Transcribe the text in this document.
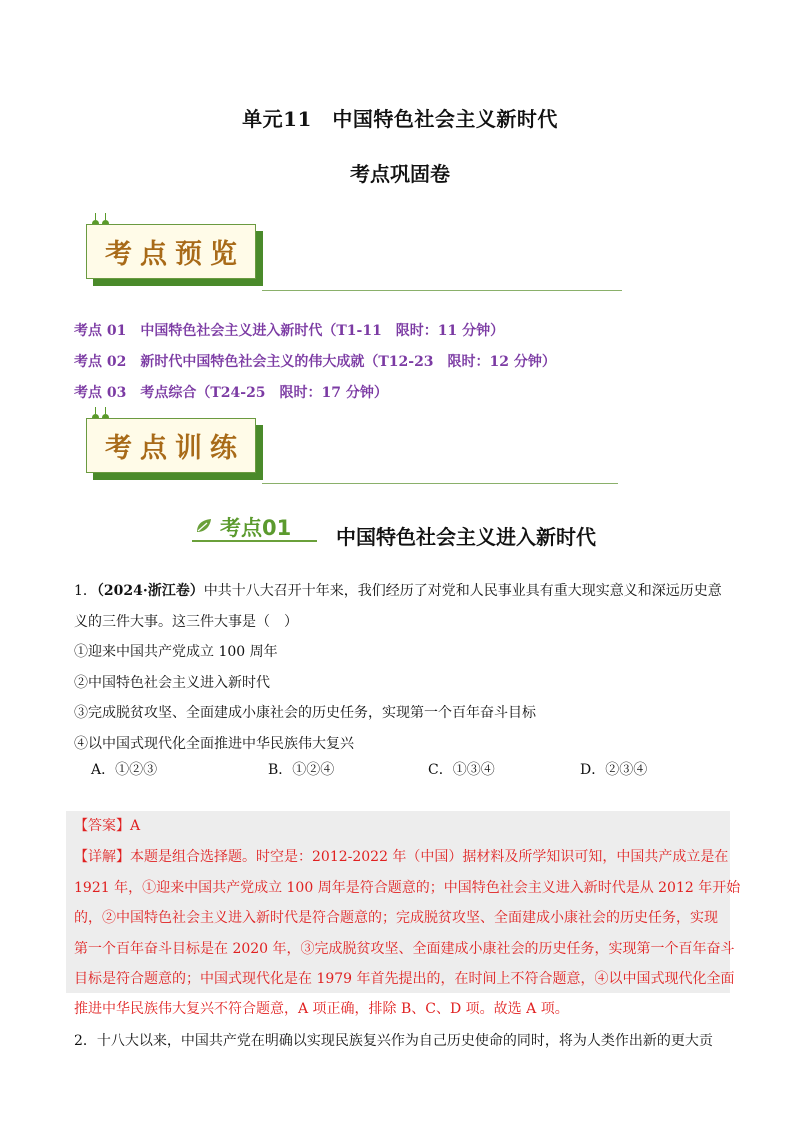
单元11　中国特色社会主义新时代
考点巩固卷
考点预览
考点 01　中国特色社会主义进入新时代（T1-11　限时：11 分钟）
考点 02　新时代中国特色社会主义的伟大成就（T12-23　限时：12 分钟）
考点 03　考点综合（T24-25　限时：17 分钟）
考点训练
考点01 中国特色社会主义进入新时代
1．（2024·浙江卷）中共十八大召开十年来，我们经历了对党和人民事业具有重大现实意义和深远历史意
义的三件大事。这三件大事是（　）
①迎来中国共产党成立 100 周年
②中国特色社会主义进入新时代
③完成脱贫攻坚、全面建成小康社会的历史任务，实现第一个百年奋斗目标
④以中国式现代化全面推进中华民族伟大复兴
A．①②③	B．①②④	C．①③④	D．②③④
【答案】A
【详解】本题是组合选择题。时空是：2012-2022 年（中国）据材料及所学知识可知，中国共产成立是在
1921 年，①迎来中国共产党成立 100 周年是符合题意的；中国特色社会主义进入新时代是从 2012 年开始
的，②中国特色社会主义进入新时代是符合题意的；完成脱贫攻坚、全面建成小康社会的历史任务，实现
第一个百年奋斗目标是在 2020 年，③完成脱贫攻坚、全面建成小康社会的历史任务，实现第一个百年奋斗
目标是符合题意的；中国式现代化是在 1979 年首先提出的，在时间上不符合题意，④以中国式现代化全面
推进中华民族伟大复兴不符合题意，A 项正确，排除 B、C、D 项。故选 A 项。
2．十八大以来，中国共产党在明确以实现民族复兴作为自己历史使命的同时，将为人类作出新的更大贡
